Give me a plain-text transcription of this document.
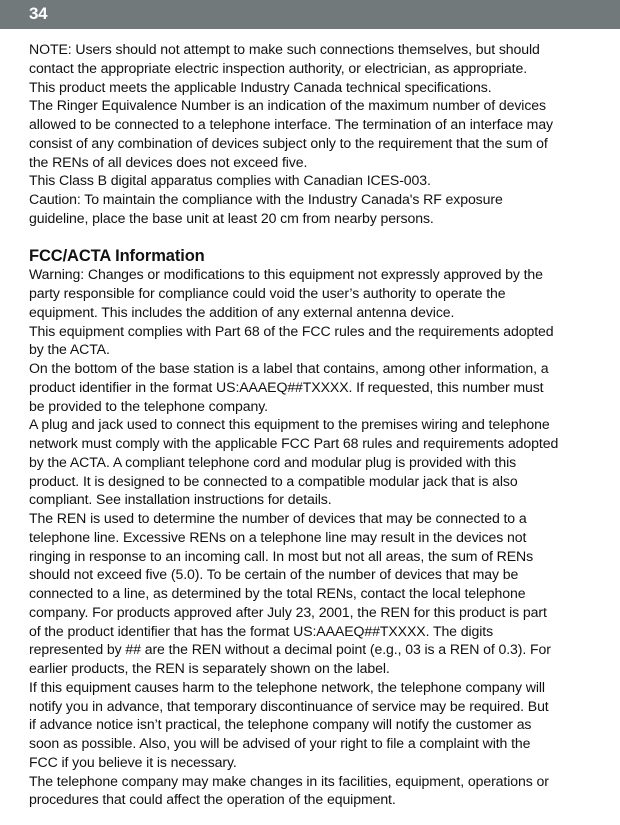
34

NOTE: Users should not attempt to make such connections themselves, but should contact the appropriate electric inspection authority, or electrician, as appropriate.

This product meets the applicable Industry Canada technical specifications.

The Ringer Equivalence Number is an indication of the maximum number of devices allowed to be connected to a telephone interface. The termination of an interface may consist of any combination of devices subject only to the requirement that the sum of the RENs of all devices does not exceed five.

This Class B digital apparatus complies with Canadian ICES-003.

Caution: To maintain the compliance with the Industry Canada's RF exposure guideline, place the base unit at least 20 cm from nearby persons.

FCC/ACTA Information

Warning: Changes or modifications to this equipment not expressly approved by the party responsible for compliance could void the user’s authority to operate the equipment. This includes the addition of any external antenna device.

This equipment complies with Part 68 of the FCC rules and the requirements adopted by the ACTA.

On the bottom of the base station is a label that contains, among other information, a product identifier in the format US:AAAEQ##TXXXX. If requested, this number must be provided to the telephone company.

A plug and jack used to connect this equipment to the premises wiring and telephone network must comply with the applicable FCC Part 68 rules and requirements adopted by the ACTA. A compliant telephone cord and modular plug is provided with this product. It is designed to be connected to a compatible modular jack that is also compliant. See installation instructions for details.

The REN is used to determine the number of devices that may be connected to a telephone line. Excessive RENs on a telephone line may result in the devices not ringing in response to an incoming call. In most but not all areas, the sum of RENs should not exceed five (5.0). To be certain of the number of devices that may be connected to a line, as determined by the total RENs, contact the local telephone company. For products approved after July 23, 2001, the REN for this product is part of the product identifier that has the format US:AAAEQ##TXXXX. The digits represented by ## are the REN without a decimal point (e.g., 03 is a REN of 0.3). For earlier products, the REN is separately shown on the label.

If this equipment causes harm to the telephone network, the telephone company will notify you in advance, that temporary discontinuance of service may be required. But if advance notice isn’t practical, the telephone company will notify the customer as soon as possible. Also, you will be advised of your right to file a complaint with the FCC if you believe it is necessary.

The telephone company may make changes in its facilities, equipment, operations or procedures that could affect the operation of the equipment.
